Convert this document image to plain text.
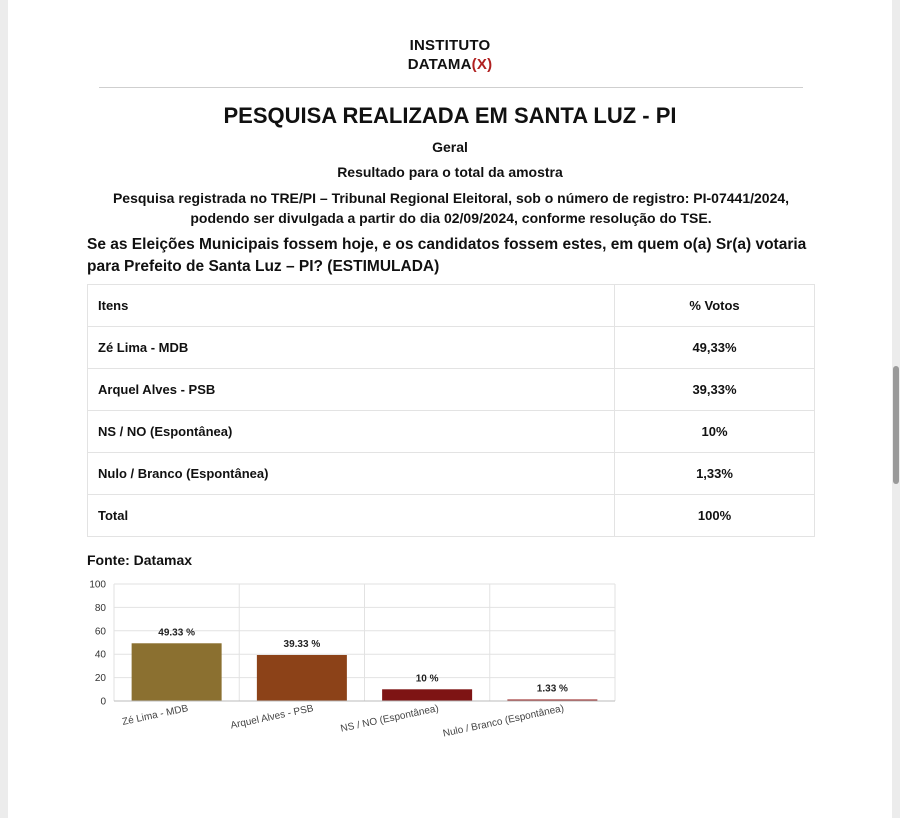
INSTITUTO
DATAMA(X)
PESQUISA REALIZADA EM SANTA LUZ - PI
Geral
Resultado para o total da amostra
Pesquisa registrada no TRE/PI – Tribunal Regional Eleitoral, sob o número de registro: PI-07441/2024, podendo ser divulgada a partir do dia 02/09/2024, conforme resolução do TSE.
Se as Eleições Municipais fossem hoje, e os candidatos fossem estes, em quem o(a) Sr(a) votaria para Prefeito de Santa Luz – PI? (ESTIMULADA)
Itens	% Votos
Zé Lima - MDB	49,33%
Arquel Alves - PSB	39,33%
NS / NO (Espontânea)	10%
Nulo / Branco (Espontânea)	1,33%
Total	100%
Fonte: Datamax
0
20
40
60
80
100
49.33 %
Zé Lima - MDB
39.33 %
Arquel Alves - PSB
10 %
NS / NO (Espontânea)
1.33 %
Nulo / Branco (Espontânea)
